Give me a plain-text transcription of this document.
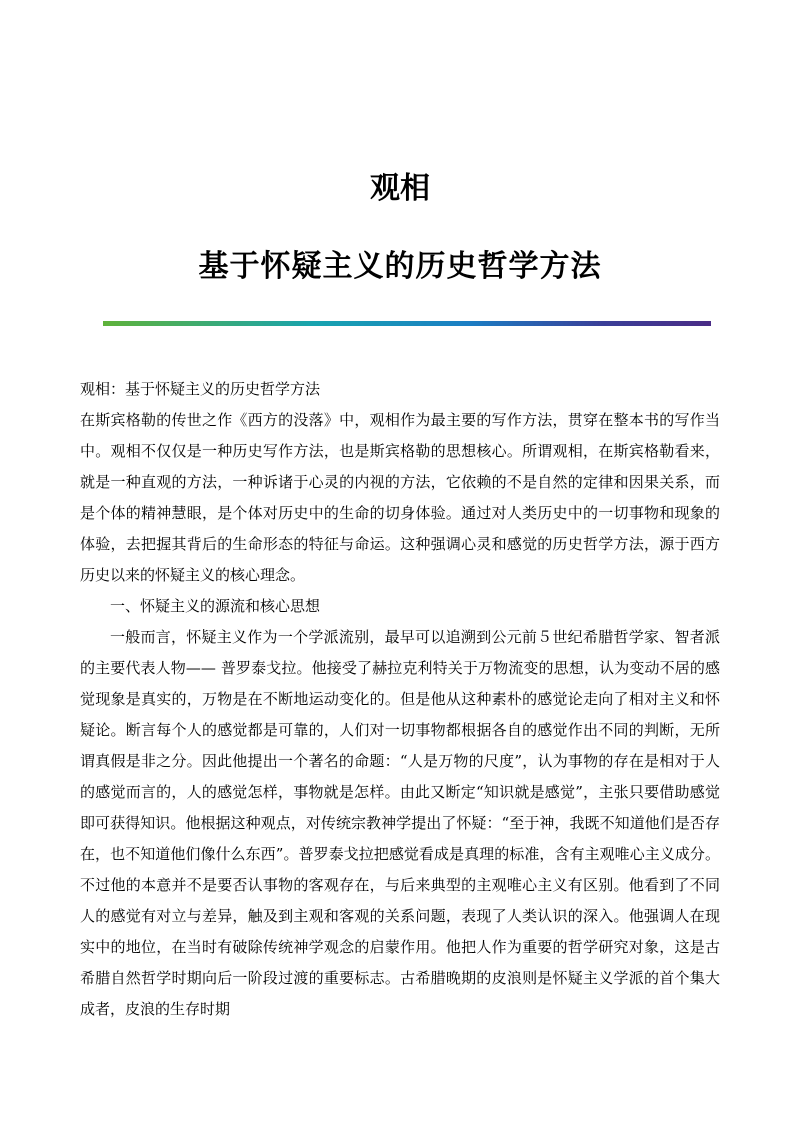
观相
基于怀疑主义的历史哲学方法

观相：基于怀疑主义的历史哲学方法

在斯宾格勒的传世之作《西方的没落》中，观相作为最主要的写作方法，贯穿在整本书的写作当中。观相不仅仅是一种历史写作方法，也是斯宾格勒的思想核心。所谓观相，在斯宾格勒看来，就是一种直观的方法，一种诉诸于心灵的内视的方法，它依赖的不是自然的定律和因果关系，而是个体的精神慧眼，是个体对历史中的生命的切身体验。通过对人类历史中的一切事物和现象的体验，去把握其背后的生命形态的特征与命运。这种强调心灵和感觉的历史哲学方法，源于西方历史以来的怀疑主义的核心理念。

一、怀疑主义的源流和核心思想

一般而言，怀疑主义作为一个学派流别，最早可以追溯到公元前５世纪希腊哲学家、智者派的主要代表人物—— 普罗泰戈拉。他接受了赫拉克利特关于万物流变的思想，认为变动不居的感觉现象是真实的，万物是在不断地运动变化的。但是他从这种素朴的感觉论走向了相对主义和怀疑论。断言每个人的感觉都是可靠的，人们对一切事物都根据各自的感觉作出不同的判断，无所谓真假是非之分。因此他提出一个著名的命题：“人是万物的尺度”，认为事物的存在是相对于人的感觉而言的，人的感觉怎样，事物就是怎样。由此又断定“知识就是感觉”，主张只要借助感觉即可获得知识。他根据这种观点，对传统宗教神学提出了怀疑：“至于神，我既不知道他们是否存在，也不知道他们像什么东西”。普罗泰戈拉把感觉看成是真理的标准，含有主观唯心主义成分。不过他的本意并不是要否认事物的客观存在，与后来典型的主观唯心主义有区别。他看到了不同人的感觉有对立与差异，触及到主观和客观的关系问题，表现了人类认识的深入。他强调人在现实中的地位，在当时有破除传统神学观念的启蒙作用。他把人作为重要的哲学研究对象，这是古希腊自然哲学时期向后一阶段过渡的重要标志。古希腊晚期的皮浪则是怀疑主义学派的首个集大成者，皮浪的生存时期
